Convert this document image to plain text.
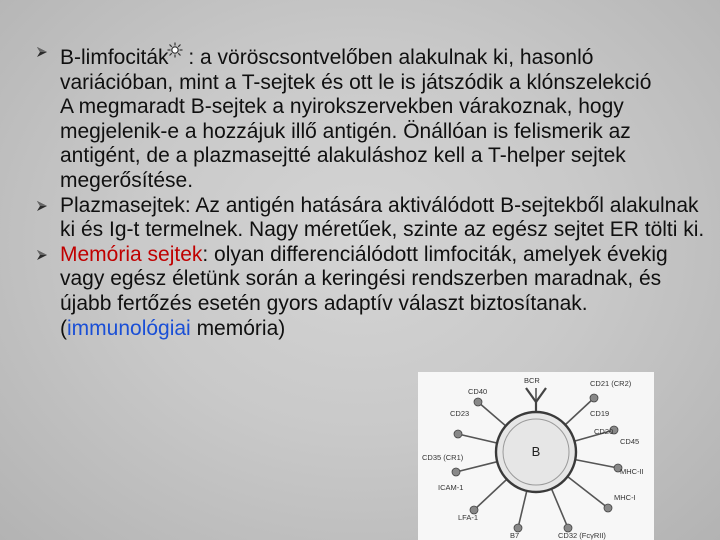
B-limfociták : a vöröscsontvelőben alakulnak ki, hasonló variációban, mint a T-sejtek és ott le is játszódik a klónszelekció
A megmaradt B-sejtek a nyirokszervekben várakoznak, hogy megjelenik-e a hozzájuk illő antigén. Önállóan is felismerik az antigént, de a plazmasejtté alakuláshoz kell a T-helper sejtek megerősítése.
Plazmasejtek: Az antigén hatására aktiválódott B-sejtekből alakulnak ki és Ig-t termelnek. Nagy méretűek, szinte az egész sejtet ER tölti ki.
Memória sejtek: olyan differenciálódott limfociták, amelyek évekig vagy egész életünk során a keringési rendszerben maradnak, és újabb fertőzés esetén gyors adaptív választ biztosítanak. (immunológiai memória)
B
BCR	CD21 (CR2)
CD40
CD23	CD19
CD20
CD35 (CR1)
CD45
MHC-II
ICAM-1
MHC-I
LFA-1
B7	CD32 (FcγRII)
